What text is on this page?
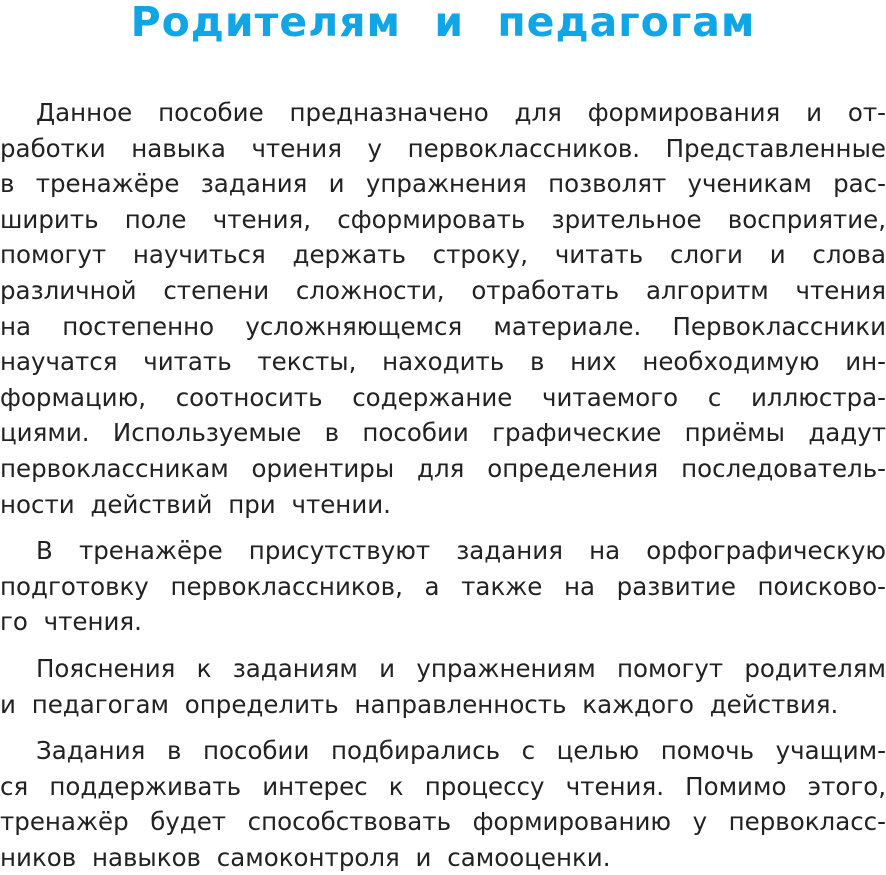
Родителям и педагогам
Данное пособие предназначено для формирования и от-
работки навыка чтения у первоклассников. Представленные
в тренажёре задания и упражнения позволят ученикам рас-
ширить поле чтения, сформировать зрительное восприятие,
помогут научиться держать строку, читать слоги и слова
различной степени сложности, отработать алгоритм чтения
на постепенно усложняющемся материале. Первоклассники
научатся читать тексты, находить в них необходимую ин-
формацию, соотносить содержание читаемого с иллюстра-
циями. Используемые в пособии графические приёмы дадут
первоклассникам ориентиры для определения последователь-
ности действий при чтении.
В тренажёре присутствуют задания на орфографическую
подготовку первоклассников, а также на развитие поисково-
го чтения.
Пояснения к заданиям и упражнениям помогут родителям
и педагогам определить направленность каждого действия.
Задания в пособии подбирались с целью помочь учащим-
ся поддерживать интерес к процессу чтения. Помимо этого,
тренажёр будет способствовать формированию у первокласс-
ников навыков самоконтроля и самооценки.
